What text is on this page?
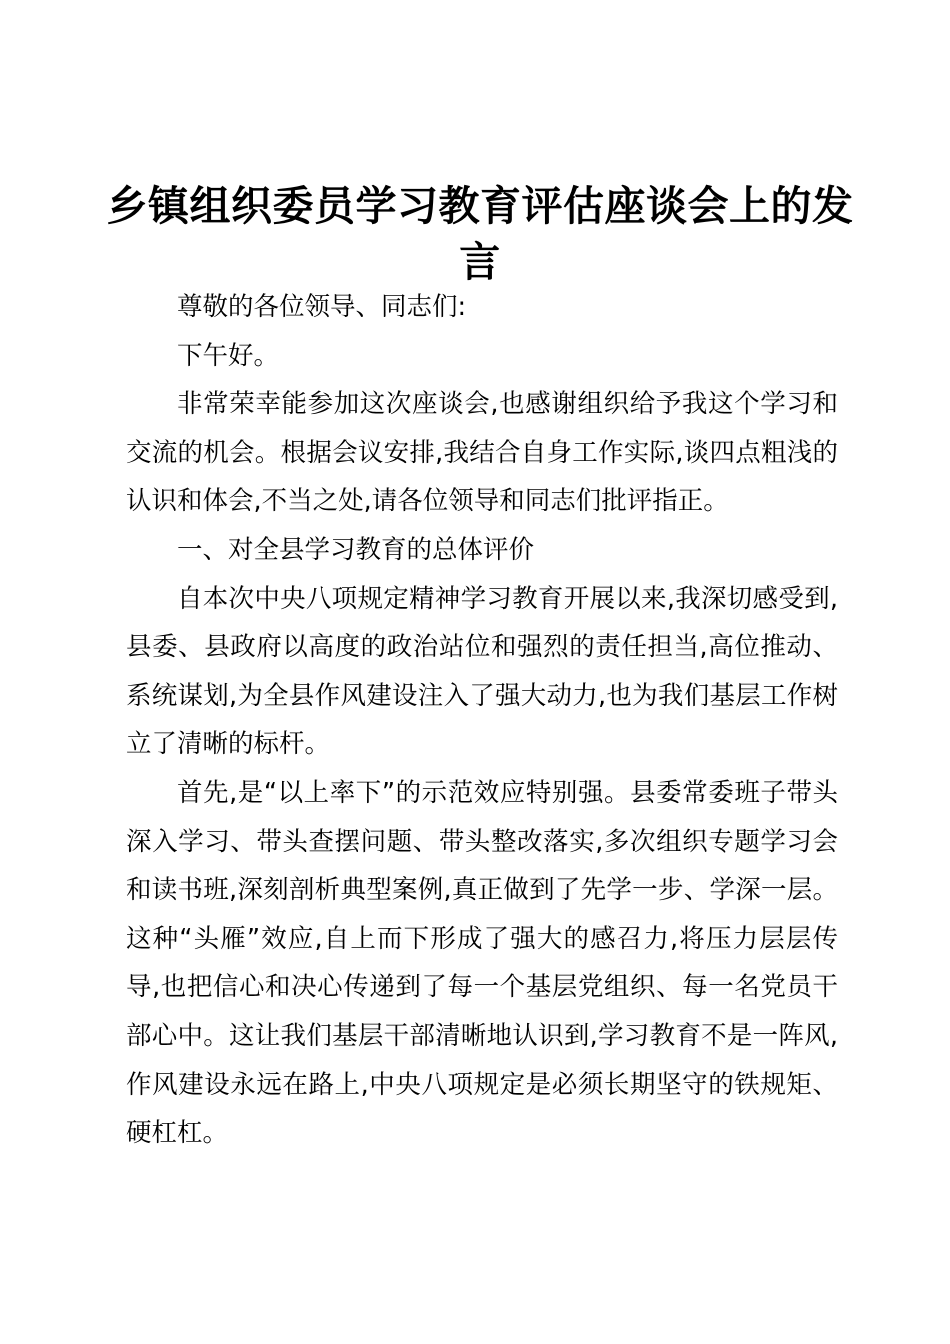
乡镇组织委员学习教育评估座谈会上的发言

尊敬的各位领导、同志们:

下午好。

非常荣幸能参加这次座谈会,也感谢组织给予我这个学习和交流的机会。根据会议安排,我结合自身工作实际,谈四点粗浅的认识和体会,不当之处,请各位领导和同志们批评指正。

一、对全县学习教育的总体评价

自本次中央八项规定精神学习教育开展以来,我深切感受到,县委、县政府以高度的政治站位和强烈的责任担当,高位推动、系统谋划,为全县作风建设注入了强大动力,也为我们基层工作树立了清晰的标杆。

首先,是“以上率下”的示范效应特别强。县委常委班子带头深入学习、带头查摆问题、带头整改落实,多次组织专题学习会和读书班,深刻剖析典型案例,真正做到了先学一步、学深一层。这种“头雁”效应,自上而下形成了强大的感召力,将压力层层传导,也把信心和决心传递到了每一个基层党组织、每一名党员干部心中。这让我们基层干部清晰地认识到,学习教育不是一阵风,作风建设永远在路上,中央八项规定是必须长期坚守的铁规矩、硬杠杠。
